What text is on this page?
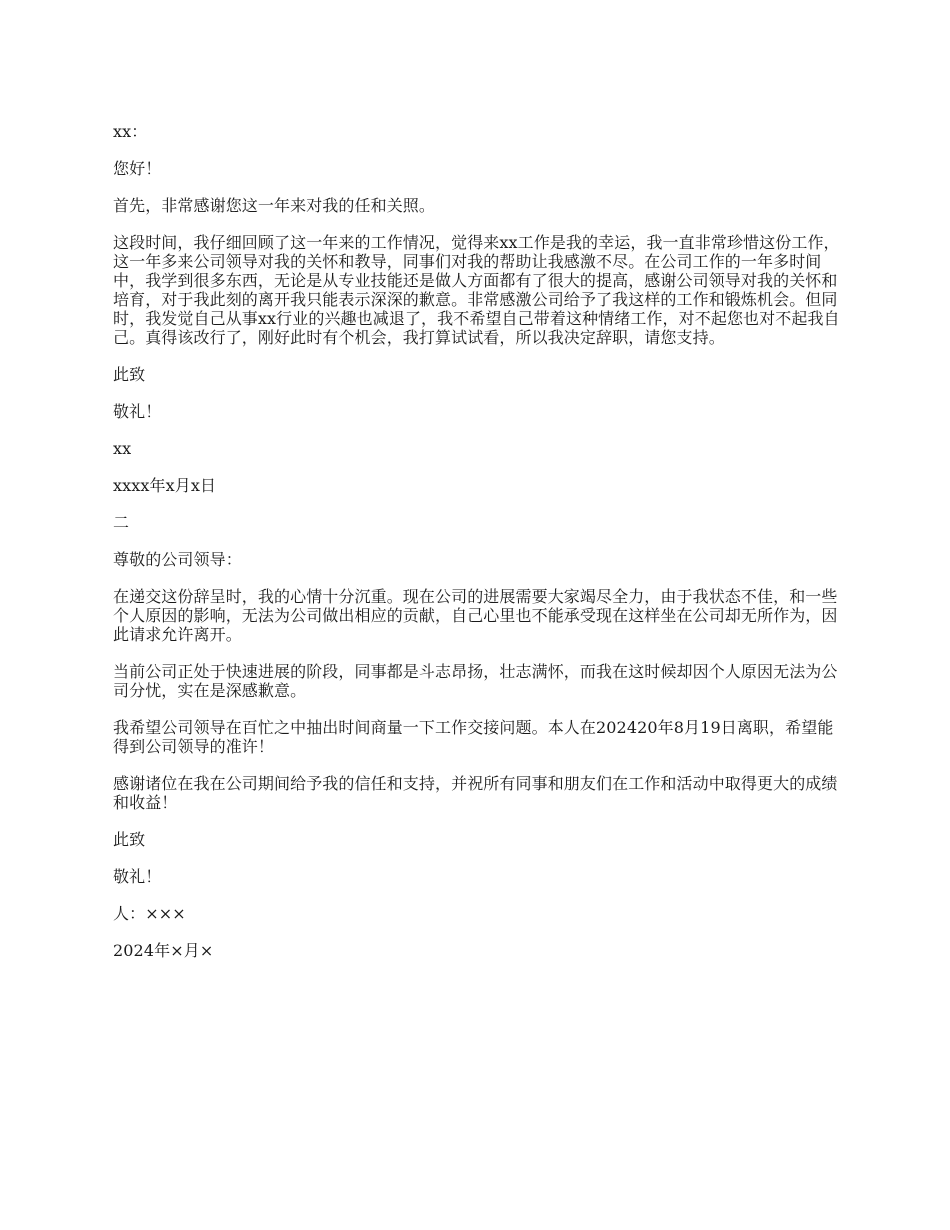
xx：

您好！

首先，非常感谢您这一年来对我的任和关照。

这段时间，我仔细回顾了这一年来的工作情况，觉得来xx工作是我的幸运，我一直非常珍惜这份工作，这一年多来公司领导对我的关怀和教导，同事们对我的帮助让我感激不尽。在公司工作的一年多时间中，我学到很多东西，无论是从专业技能还是做人方面都有了很大的提高，感谢公司领导对我的关怀和培育，对于我此刻的离开我只能表示深深的歉意。非常感激公司给予了我这样的工作和锻炼机会。但同时，我发觉自己从事xx行业的兴趣也减退了，我不希望自己带着这种情绪工作，对不起您也对不起我自己。真得该改行了，刚好此时有个机会，我打算试试看，所以我决定辞职，请您支持。

此致

敬礼！

xx

xxxx年x月x日

二

尊敬的公司领导：

在递交这份辞呈时，我的心情十分沉重。现在公司的进展需要大家竭尽全力，由于我状态不佳，和一些个人原因的影响，无法为公司做出相应的贡献，自己心里也不能承受现在这样坐在公司却无所作为，因此请求允许离开。

当前公司正处于快速进展的阶段，同事都是斗志昂扬，壮志满怀，而我在这时候却因个人原因无法为公司分忧，实在是深感歉意。

我希望公司领导在百忙之中抽出时间商量一下工作交接问题。本人在202420年8月19日离职，希望能得到公司领导的准许！

感谢诸位在我在公司期间给予我的信任和支持，并祝所有同事和朋友们在工作和活动中取得更大的成绩和收益！

此致

敬礼！

人：×××

2024年×月×
